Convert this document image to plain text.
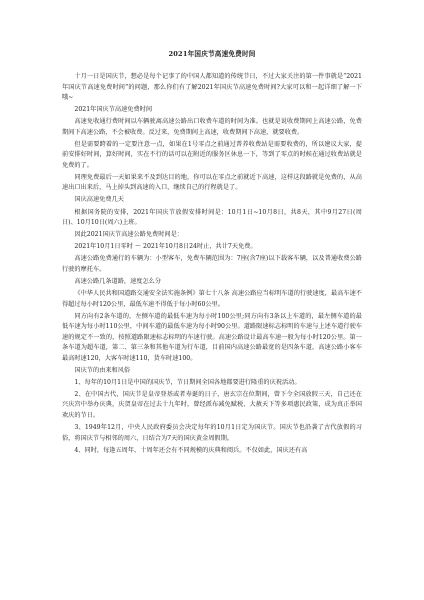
2021年国庆节高速免费时间
十月一日是国庆节，想必是每个记事了的中国人都知道的传统节日，不过大家关注的第一件事就是“2021年国庆节高速免费时间”的问题，那么你们有了解2021年国庆节高速免费时间?大家可以和一起详细了解一下哦~
2021年国庆节高速免费时间
高速免收通行费时间以车辆驶离高速公路出口收费车道的时间为准。也就是说收费期间上高速公路，免费期间下高速公路，不会被收费。反过来，免费期间上高速，收费期间下高速，就要收费。
但是需要跨着的一定要注意一点，如果在1号零点之前通过普养收费站是需要收费的，所以建议大家，提前安排好时间，算好时间，实在不行的话可以在附近的服务区休息一下，等到了零点的时候在通过收费站就是免费的了。
同理免费最后一天如果来不及到达目的地，你可以在零点之前就近下高速，这样这段路就是免费的，从高速出口出来后，马上掉头到高速的入口，继续自己的行程就是了。
国庆高速免费几天
根据国务院的安排，2021年国庆节放假安排时间是：10月1日~10月8日，共8天，其中9月27日(周日)、10月10日(周六)上班。
因此2021国庆节高速公路免费时间是：
2021年10月1日零时 ～ 2021年10月8日24时止，共计7天免费。
高速公路免费通行的车辆为：小型客车，免费车辆范围为：7座(含7座)以下载客车辆，以及普通收费公路行驶的摩托车。
高速公路几条道路，速度怎么分
《中华人民共和国道路交通安全法实施条例》第七十八条 高速公路应当标明车道的行驶速度，最高车速不得超过每小时120公里，最低车速不得低于每小时60公里。
同方向有2条车道的，左侧车道的最低车速为每小时100公里;同方向有3条以上车道的，最左侧车道的最低车速为每小时110公里，中间车道的最低车速为每小时90公里。道路限速标志标明的车速与上述车道行驶车速的规定不一致的，按照道路限速标志标明的车速行驶。高速公路设计最高车速一般为每小时120公里。第一条车道为超车道，第二、第三条和其他车道为行车道，目前国内高速公路最宽的是四条车道，高速公路小客车最高时速120，大客车时速110，货车时速100。
国庆节的由来和风俗
1、每年的10月1日是中国的国庆节，节日期间全国各地都要进行隆重的庆祝活动。
2、在中国古代，国庆节是皇帝登基或者寿诞的日子，唐玄宗在位期间，曾下令全国放假三天，自己还在兴庆宫中举办庆典，庆贺皇帝在过去十九年时，曾经派布减免赋税、大赦天下等多项惠民政策，成为真正举国欢庆的节日。
3、1949年12月，中央人民政府委员会决定每年的10月1日定为国庆节。国庆节也沿袭了古代放假的习俗，将国庆节与相邻的周六，日结合为7天的国庆黄金周假期。
4、同时，每逢五周年、十周年还会有不同规模的庆典和阅兵。不仅如此，国庆还有高
